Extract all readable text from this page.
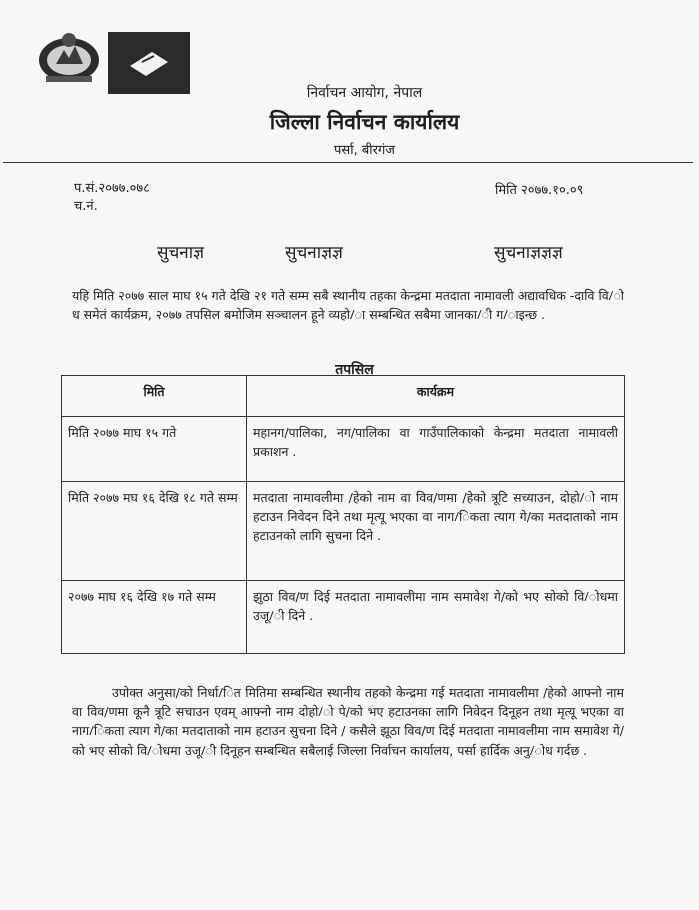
निर्वाचन आयोग, नेपाल
जिल्ला निर्वाचन कार्यालय
पर्सा, बीरगंज
प.सं.२०७७.०७८
च.नं.
मिति २०७७.१०.०९
सुचनाज्ञ	सुचनाज्ञज्ञ	सुचनाज्ञज्ञज्ञ
यहि मिति २०७७ साल माघ १५ गते देखि २१ गते सम्म सबै स्थानीय तहका केन्द्रमा मतदाता नामावली अद्यावधिक -दावि वि/ोध समेतं कार्यक्रम, २०७७ तपसिल बमोजिम सञ्चालन हूने व्यहो/ा सम्बन्धित सबैमा जानका/ी ग/ाइन्छ .
तपसिल
मिति	कार्यक्रम
मिति २०७७ माघ १५ गते	महानग/पालिका, नग/पालिका वा गाउँपालिकाको केन्द्रमा मतदाता नामावली प्रकाशन .
मिति २०७७ मघ १६ देखि १८ गते सम्म	मतदाता नामावलीमा /हेको नाम वा विव/णमा /हेको त्रूटि सच्याउन, दोहो/ो नाम हटाउन निवेदन दिने तथा मृत्यू भएका वा नाग/िकता त्याग गे/का मतदाताको नाम हटाउनको लागि सुचना दिने .
२०७७ माघ १६ देखि १७ गते सम्म	झुठा विव/ण दिई मतदाता नामावलीमा नाम समावेश गे/को भए सोको वि/ोधमा उजू/ी दिने .
उपोक्त अनुसा/को निर्धा/ित मितिमा सम्बन्धित स्थानीय तहको केन्द्रमा गई मतदाता नामावलीमा /हेको आफ्नो नाम वा विव/णमा कूनै त्रूटि सचाउन एवम् आफ्नो नाम दोहो/ो पे/को भए हटाउनका लागि निवेदन दिनूहन तथा मृत्यू भएका वा नाग/िकता त्याग गे/का मतदाताको नाम हटाउन सुचना दिने / कसैले झूठा विव/ण दिई मतदाता नामावलीमा नाम समावेश गे/को भए सोको वि/ोधमा उजू/ी दिनूहन सम्बन्धित सबैलाई जिल्ला निर्वाचन कार्यालय, पर्सा हार्दिक अनु/ोध गर्दछ .
